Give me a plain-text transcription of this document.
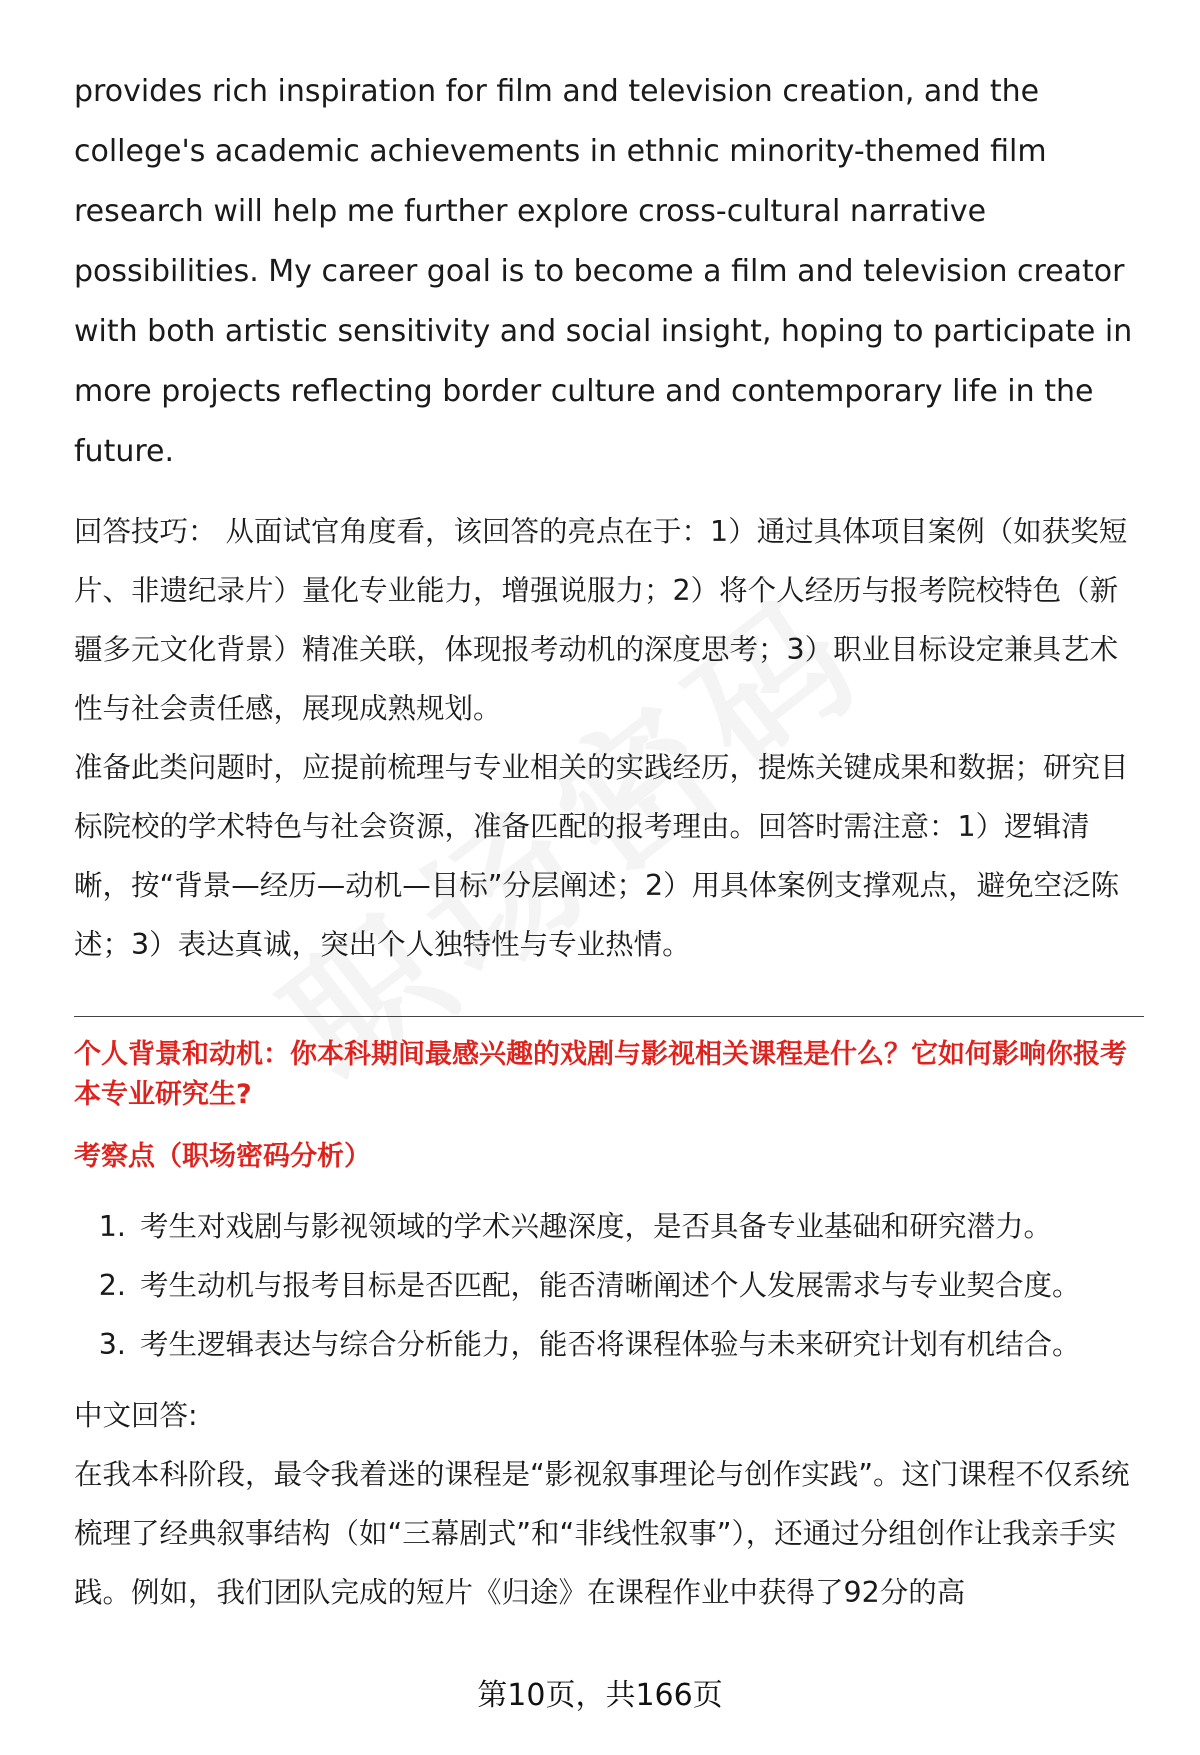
provides rich inspiration for film and television creation, and the college's academic achievements in ethnic minority-themed film research will help me further explore cross-cultural narrative possibilities. My career goal is to become a film and television creator with both artistic sensitivity and social insight, hoping to participate in more projects reflecting border culture and contemporary life in the future.

回答技巧： 从面试官角度看，该回答的亮点在于：1）通过具体项目案例（如获奖短片、非遗纪录片）量化专业能力，增强说服力；2）将个人经历与报考院校特色（新疆多元文化背景）精准关联，体现报考动机的深度思考；3）职业目标设定兼具艺术性与社会责任感，展现成熟规划。

准备此类问题时，应提前梳理与专业相关的实践经历，提炼关键成果和数据；研究目标院校的学术特色与社会资源，准备匹配的报考理由。回答时需注意：1）逻辑清晰，按“背景—经历—动机—目标”分层阐述；2）用具体案例支撑观点，避免空泛陈述；3）表达真诚，突出个人独特性与专业热情。

个人背景和动机：你本科期间最感兴趣的戏剧与影视相关课程是什么？它如何影响你报考本专业研究生?

考察点（职场密码分析）

1. 考生对戏剧与影视领域的学术兴趣深度，是否具备专业基础和研究潜力。
2. 考生动机与报考目标是否匹配，能否清晰阐述个人发展需求与专业契合度。
3. 考生逻辑表达与综合分析能力，能否将课程体验与未来研究计划有机结合。

中文回答:

在我本科阶段，最令我着迷的课程是“影视叙事理论与创作实践”。这门课程不仅系统梳理了经典叙事结构（如“三幕剧式”和“非线性叙事”），还通过分组创作让我亲手实践。例如，我们团队完成的短片《归途》在课程作业中获得了92分的高

第10页，共166页
